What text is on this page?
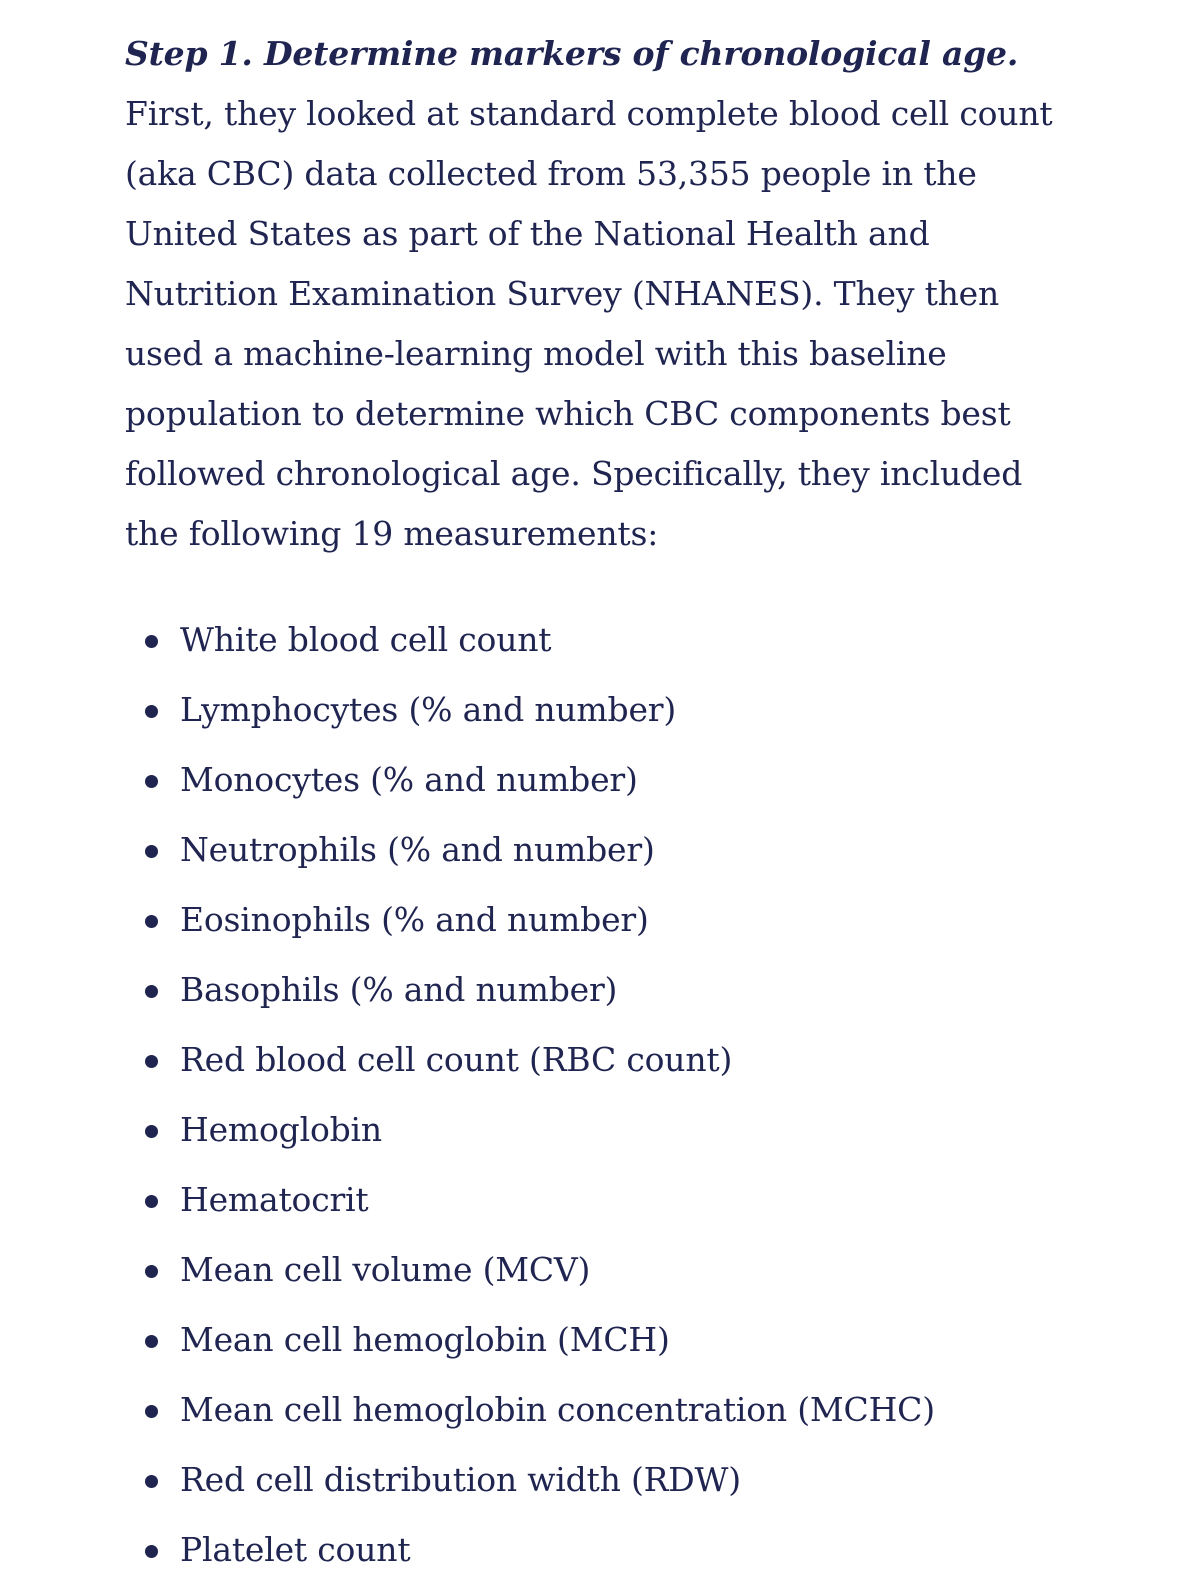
Step 1. Determine markers of chronological age. First, they looked at standard complete blood cell count (aka CBC) data collected from 53,355 people in the United States as part of the National Health and Nutrition Examination Survey (NHANES). They then used a machine-learning model with this baseline population to determine which CBC components best followed chronological age. Specifically, they included the following 19 measurements:

White blood cell count
Lymphocytes (% and number)
Monocytes (% and number)
Neutrophils (% and number)
Eosinophils (% and number)
Basophils (% and number)
Red blood cell count (RBC count)
Hemoglobin
Hematocrit
Mean cell volume (MCV)
Mean cell hemoglobin (MCH)
Mean cell hemoglobin concentration (MCHC)
Red cell distribution width (RDW)
Platelet count
